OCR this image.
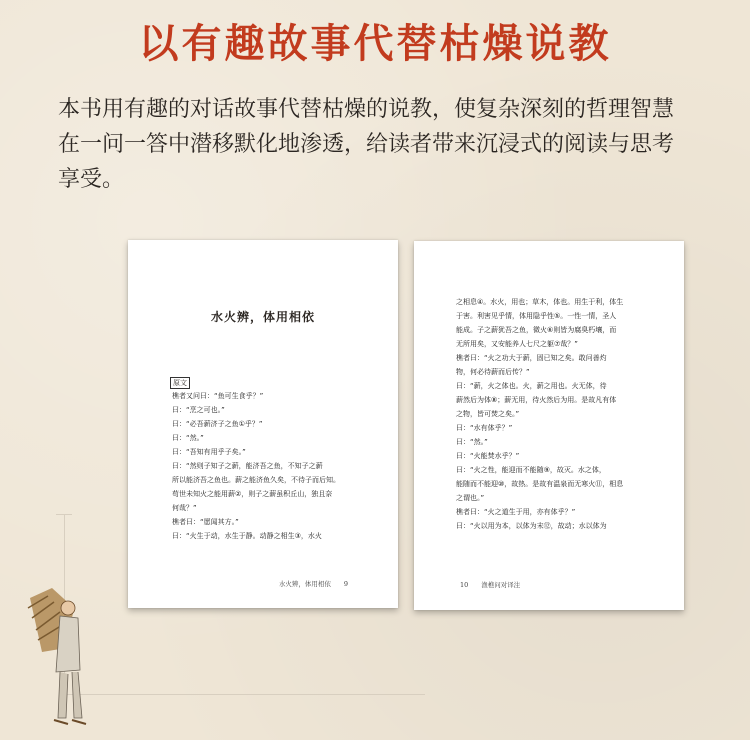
以有趣故事代替枯燥说教

本书用有趣的对话故事代替枯燥的说教，使复杂深刻的哲理智慧

在一问一答中潜移默化地渗透，给读者带来沉浸式的阅读与思考

享受。

水火辨，体用相依
原文
樵者又问曰：“鱼可生食乎？”
曰：“烹之可也。”
曰：“必吾薪济子之鱼①乎？”
曰：“然。”
曰：“吾知有用乎子矣。”
曰：“然则子知子之薪，能济吾之鱼，不知子之薪
所以能济吾之鱼也。薪之能济鱼久矣，不待子而后知。
苟世未知火之能用薪②，则子之薪虽积丘山，独且奈
何哉？”
樵者曰：“愿闻其方。”
曰：“火生于动，水生于静。动静之相生③，水火
水火辨，体用相依　　9
之相息④。水火，用也；草木，体也。用生于利，体生
于害。利害见乎情，体用隐乎性⑤。一性一情，圣人
能成。子之薪犹吾之鱼，微火⑥则皆为腐臭朽壤，而
无所用矣，又安能养人七尺之躯⑦哉？”
樵者曰：“火之功大于薪，固已知之矣。敢问善灼
物，何必待薪而后传？”
曰：“薪，火之体也。火，薪之用也。火无体，待
薪然后为体⑧；薪无用，待火然后为用。是故凡有体
之物，皆可焚之矣。”
曰：“水有体乎？”
曰：“然。”
曰：“火能焚水乎？”
曰：“火之性，能迎而不能随⑨，故灭。水之体，
能随而不能迎⑩，故热。是故有温泉而无寒火⑪，相息
之谓也。”
樵者曰：“火之道生于用，亦有体乎？”
曰：“火以用为本，以体为末⑫，故动；水以体为
10　　渔樵问对译注
